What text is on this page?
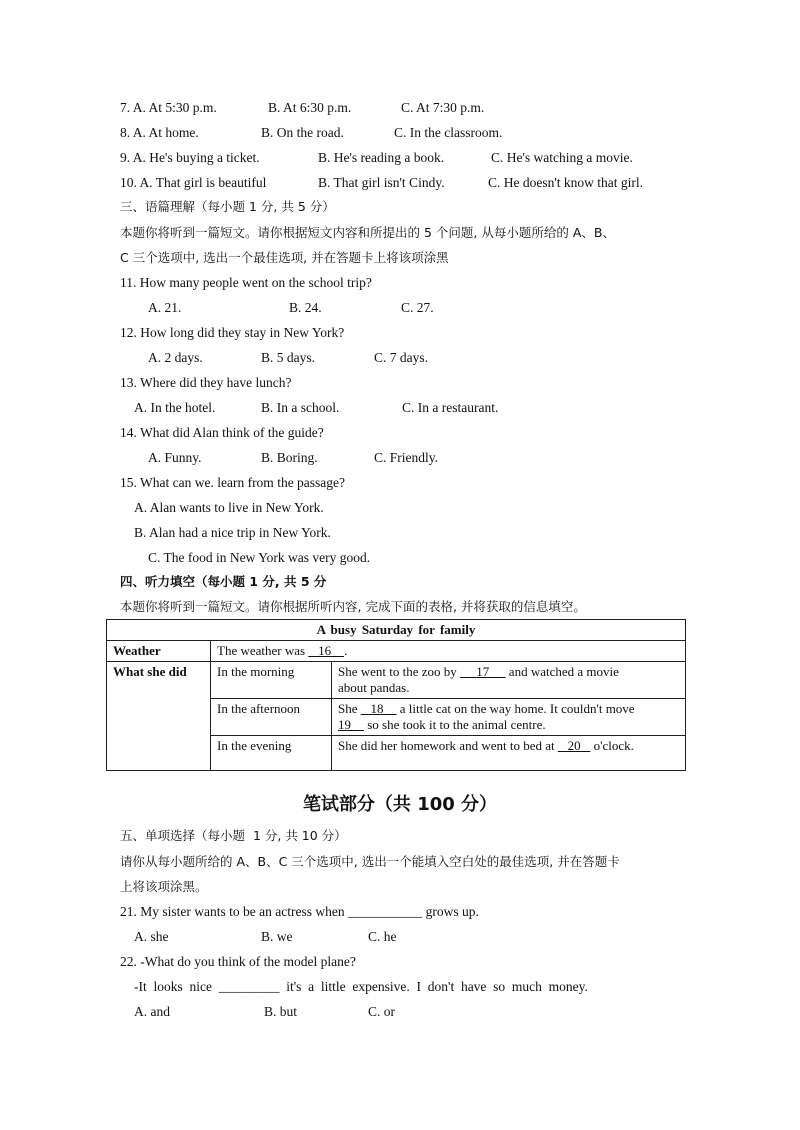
7. A. At 5:30 p.m.	B. At 6:30 p.m.	C. At 7:30 p.m.
8. A. At home.	B. On the road.	C. In the classroom.
9. A. He's buying a ticket.	B. He's reading a book.	C. He's watching a movie.
10. A. That girl is beautiful	B. That girl isn't Cindy.	C. He doesn't know that girl.
三、语篇理解（每小题 1 分, 共 5 分）
本题你将听到一篇短文。请你根据短文内容和所提出的 5 个问题, 从每小题所给的 A、B、
C 三个选项中, 选出一个最佳选项, 并在答题卡上将该项涂黑
11. How many people went on the school trip?
A. 21.	B. 24.	C. 27.
12. How long did they stay in New York?
A. 2 days.	B. 5 days.	C. 7 days.
13. Where did they have lunch?
A. In the hotel.	B. In a school.	C. In a restaurant.
14. What did Alan think of the guide?
A. Funny.	B. Boring.	C. Friendly.
15. What can we. learn from the passage?
A. Alan wants to live in New York.
B. Alan had a nice trip in New York.
C. The food in New York was very good.
四、听力填空（每小题 1 分, 共 5 分
本题你将听到一篇短文。请你根据所听内容, 完成下面的表格, 并将获取的信息填空。
A busy Saturday for family		
Weather	The weather was    16 .	
What she did	In the morning	She went to the zoo by      17      and watched a movie
about pandas.
	In the afternoon	She    18     a little cat on the way home. It couldn't move
19     so she took it to the animal centre.
	In the evening	She did her homework and went to bed at    20    o'clock.
笔试部分（共 100 分）
五、单项选择（每小题  1 分, 共 10 分）
请你从每小题所给的 A、B、C 三个选项中, 选出一个能填入空白处的最佳选项, 并在答题卡
上将该项涂黑。
21. My sister wants to be an actress when ___________ grows up.
A. she	B. we	C. he
22. -What do you think of the model plane?
-It  looks  nice  _________  it's  a  little  expensive.  I  don't  have  so  much  money.
A. and	B. but	C. or
